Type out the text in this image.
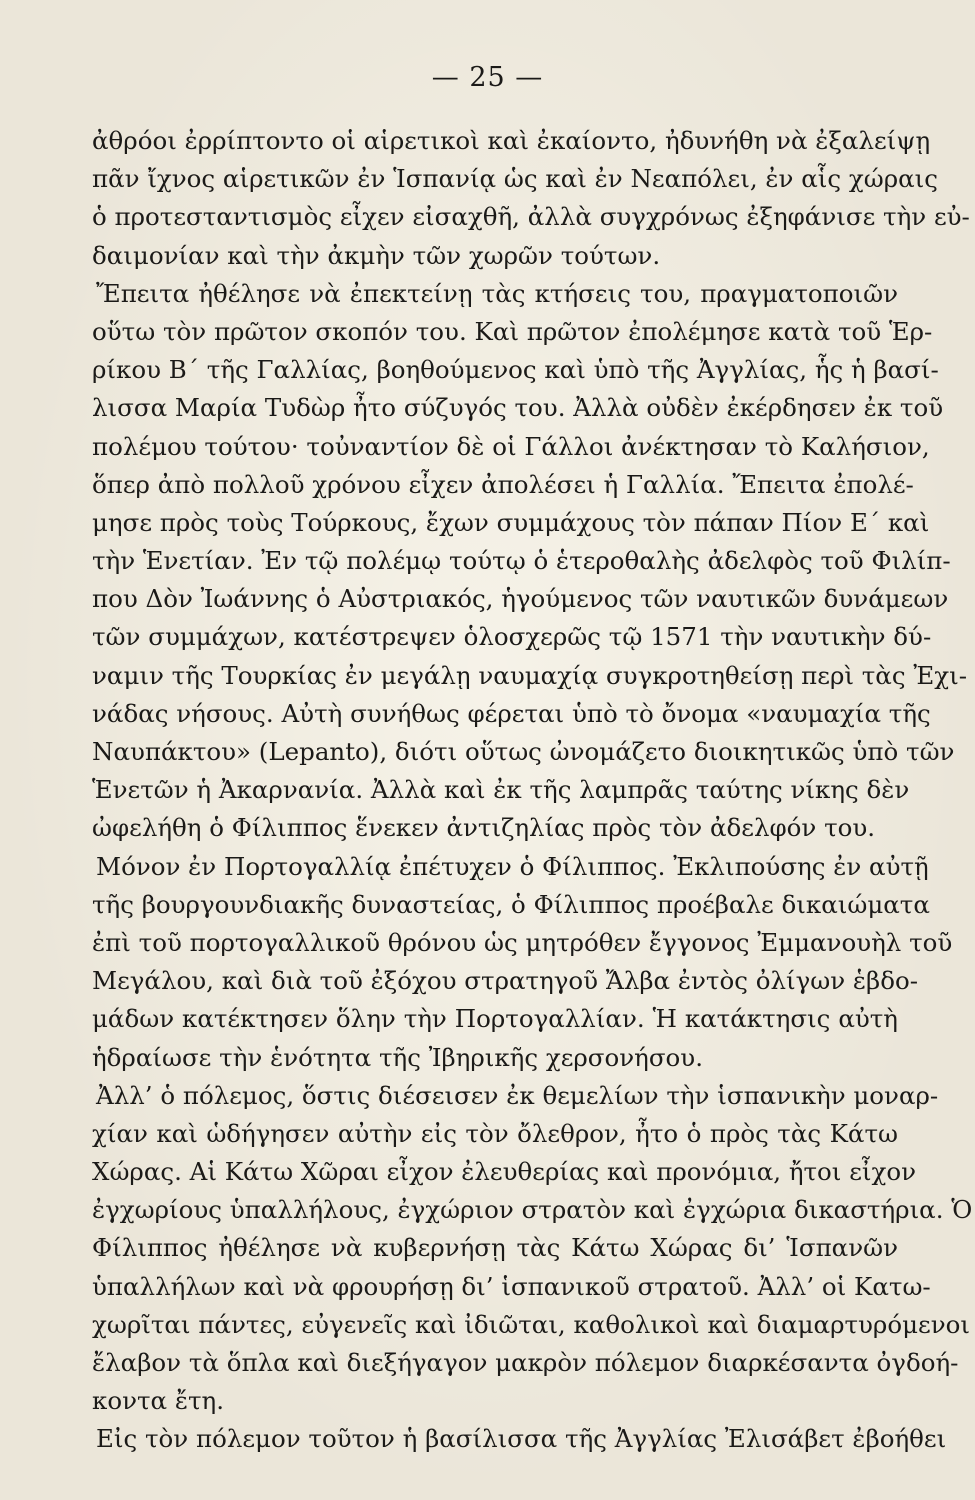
— 25 —
ἀθρόοι ἐρρίπτοντο οἱ αἱρετικοὶ καὶ ἐκαίοντο, ἠδυνήθη νὰ ἐξαλείψῃ
πᾶν ἴχνος αἱρετικῶν ἐν Ἱσπανίᾳ ὡς καὶ ἐν Νεαπόλει, ἐν αἷς χώραις
ὁ προτεσταντισμὸς εἶχεν εἰσαχθῆ, ἀλλὰ συγχρόνως ἐξηφάνισε τὴν εὐ-
δαιμονίαν καὶ τὴν ἀκμὴν τῶν χωρῶν τούτων.
Ἔπειτα ἠθέλησε νὰ ἐπεκτείνῃ τὰς κτήσεις του, πραγματοποιῶν
οὕτω τὸν πρῶτον σκοπόν του. Καὶ πρῶτον ἐπολέμησε κατὰ τοῦ Ἑρ-
ρίκου Β΄ τῆς Γαλλίας, βοηθούμενος καὶ ὑπὸ τῆς Ἀγγλίας, ἧς ἡ βασί-
λισσα Μαρία Τυδὼρ ἦτο σύζυγός του. Ἀλλὰ οὐδὲν ἐκέρδησεν ἐκ τοῦ
πολέμου τούτου· τοὐναντίον δὲ οἱ Γάλλοι ἀνέκτησαν τὸ Καλήσιον,
ὅπερ ἀπὸ πολλοῦ χρόνου εἶχεν ἀπολέσει ἡ Γαλλία. Ἔπειτα ἐπολέ-
μησε πρὸς τοὺς Τούρκους, ἔχων συμμάχους τὸν πάπαν Πίον Ε΄ καὶ
τὴν Ἑνετίαν. Ἐν τῷ πολέμῳ τούτῳ ὁ ἑτεροθαλὴς ἀδελφὸς τοῦ Φιλίπ-
που Δὸν Ἰωάννης ὁ Αὐστριακός, ἡγούμενος τῶν ναυτικῶν δυνάμεων
τῶν συμμάχων, κατέστρεψεν ὁλοσχερῶς τῷ 1571 τὴν ναυτικὴν δύ-
ναμιν τῆς Τουρκίας ἐν μεγάλῃ ναυμαχίᾳ συγκροτηθείσῃ περὶ τὰς Ἐχι-
νάδας νήσους. Αὐτὴ συνήθως φέρεται ὑπὸ τὸ ὄνομα «ναυμαχία τῆς
Ναυπάκτου» (Lepanto), διότι οὕτως ὠνομάζετο διοικητικῶς ὑπὸ τῶν
Ἑνετῶν ἡ Ἀκαρνανία. Ἀλλὰ καὶ ἐκ τῆς λαμπρᾶς ταύτης νίκης δὲν
ὠφελήθη ὁ Φίλιππος ἕνεκεν ἀντιζηλίας πρὸς τὸν ἀδελφόν του.
Μόνον ἐν Πορτογαλλίᾳ ἐπέτυχεν ὁ Φίλιππος. Ἐκλιπούσης ἐν αὐτῇ
τῆς βουργουνδιακῆς δυναστείας, ὁ Φίλιππος προέβαλε δικαιώματα
ἐπὶ τοῦ πορτογαλλικοῦ θρόνου ὡς μητρόθεν ἔγγονος Ἐμμανουὴλ τοῦ
Μεγάλου, καὶ διὰ τοῦ ἐξόχου στρατηγοῦ Ἄλβα ἐντὸς ὀλίγων ἑβδο-
μάδων κατέκτησεν ὅλην τὴν Πορτογαλλίαν. Ἡ κατάκτησις αὐτὴ
ἡδραίωσε τὴν ἑνότητα τῆς Ἰβηρικῆς χερσονήσου.
Ἀλλ’ ὁ πόλεμος, ὅστις διέσεισεν ἐκ θεμελίων τὴν ἱσπανικὴν μοναρ-
χίαν καὶ ὡδήγησεν αὐτὴν εἰς τὸν ὄλεθρον, ἦτο ὁ πρὸς τὰς Κάτω
Χώρας. Αἱ Κάτω Χῶραι εἶχον ἐλευθερίας καὶ προνόμια, ἤτοι εἶχον
ἐγχωρίους ὑπαλλήλους, ἐγχώριον στρατὸν καὶ ἐγχώρια δικαστήρια. Ὁ
Φίλιππος ἠθέλησε νὰ κυβερνήσῃ τὰς Κάτω Χώρας δι’ Ἱσπανῶν
ὑπαλλήλων καὶ νὰ φρουρήσῃ δι’ ἱσπανικοῦ στρατοῦ. Ἀλλ’ οἱ Κατω-
χωρῖται πάντες, εὐγενεῖς καὶ ἰδιῶται, καθολικοὶ καὶ διαμαρτυρόμενοι
ἔλαβον τὰ ὅπλα καὶ διεξήγαγον μακρὸν πόλεμον διαρκέσαντα ὀγδοή-
κοντα ἔτη.
Εἰς τὸν πόλεμον τοῦτον ἡ βασίλισσα τῆς Ἀγγλίας Ἐλισάβετ ἐβοήθει
